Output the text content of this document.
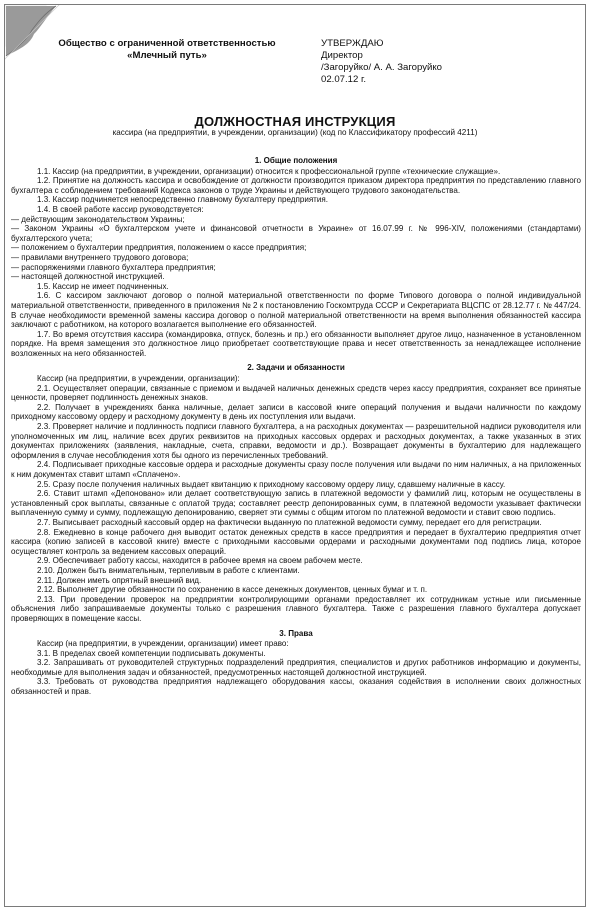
Общество с ограниченной ответственностью
«Млечный путь»
УТВЕРЖДАЮ
Директор
/Загоруйко/ А. А. Загоруйко
02.07.12 г.
ДОЛЖНОСТНАЯ ИНСТРУКЦИЯ
кассира (на предприятии, в учреждении, организации) (код по Классификатору профессий 4211)
1. Общие положения
1.1. Кассир (на предприятии, в учреждении, организации) относится к профессиональной группе «технические служащие».
1.2. Принятие на должность кассира и освобождение от должности производится приказом директора предприятия по представлению главного бухгалтера с соблюдением требований Кодекса законов о труде Украины и действующего трудового законодательства.
1.3. Кассир подчиняется непосредственно главному бухгалтеру предприятия.
1.4. В своей работе кассир руководствуется:
— действующим законодательством Украины;
— Законом Украины «О бухгалтерском учете и финансовой отчетности в Украине» от 16.07.99 г. № 996-XIV, положениями (стандартами) бухгалтерского учета;
— положением о бухгалтерии предприятия, положением о кассе предприятия;
— правилами внутреннего трудового договора;
— распоряжениями главного бухгалтера предприятия;
— настоящей должностной инструкцией.
1.5. Кассир не имеет подчиненных.
1.6. С кассиром заключают договор о полной материальной ответственности по форме Типового договора о полной индивидуальной материальной ответственности, приведенного в приложения № 2 к постановлению Госкомтруда СССР и Секретариата ВЦСПС от 28.12.77 г. № 447/24. В случае необходимости временной замены кассира договор о полной материальной ответственности на время выполнения обязанностей кассира заключают с работником, на которого возлагается выполнение его обязанностей.
1.7. Во время отсутствия кассира (командировка, отпуск, болезнь и пр.) его обязанности выполняет другое лицо, назначенное в установленном порядке. На время замещения это должностное лицо приобретает соответствующие права и несет ответственность за ненадлежащее исполнение возложенных на него обязанностей.
2. Задачи и обязанности
Кассир (на предприятии, в учреждении, организации):
2.1. Осуществляет операции, связанные с приемом и выдачей наличных денежных средств через кассу предприятия, сохраняет все принятые ценности, проверяет подлинность денежных знаков.
2.2. Получает в учреждениях банка наличные, делает записи в кассовой книге операций получения и выдачи наличности по каждому приходному кассовому ордеру и расходному документу в день их поступления или выдачи.
2.3. Проверяет наличие и подлинность подписи главного бухгалтера, а на расходных документах — разрешительной надписи руководителя или уполномоченных им лиц, наличие всех других реквизитов на приходных кассовых ордерах и расходных документах, а также указанных в этих документах приложениях (заявления, накладные, счета, справки, ведомости и др.). Возвращает документы в бухгалтерию для надлежащего оформления в случае несоблюдения хотя бы одного из перечисленных требований.
2.4. Подписывает приходные кассовые ордера и расходные документы сразу после получения или выдачи по ним наличных, а на приложенных к ним документах ставит штамп «Сплачено».
2.5. Сразу после получения наличных выдает квитанцию к приходному кассовому ордеру лицу, сдавшему наличные в кассу.
2.6. Ставит штамп «Депоновано» или делает соответствующую запись в платежной ведомости у фамилий лиц, которым не осуществлены в установленный срок выплаты, связанные с оплатой труда; составляет реестр депонированных сумм, в платежной ведомости указывает фактически выплаченную сумму и сумму, подлежащую депонированию, сверяет эти суммы с общим итогом по платежной ведомости и ставит свою подпись.
2.7. Выписывает расходный кассовый ордер на фактически выданную по платежной ведомости сумму, передает его для регистрации.
2.8. Ежедневно в конце рабочего дня выводит остаток денежных средств в кассе предприятия и передает в бухгалтерию предприятия отчет кассира (копию записей в кассовой книге) вместе с приходными кассовыми ордерами и расходными документами под подпись лица, которое осуществляет контроль за ведением кассовых операций.
2.9. Обеспечивает работу кассы, находится в рабочее время на своем рабочем месте.
2.10. Должен быть внимательным, терпеливым в работе с клиентами.
2.11. Должен иметь опрятный внешний вид.
2.12. Выполняет другие обязанности по сохранению в кассе денежных документов, ценных бумаг и т. п.
2.13. При проведении проверок на предприятии контролирующими органами предоставляет их сотрудникам устные или письменные объяснения либо запрашиваемые документы только с разрешения главного бухгалтера. Также с разрешения главного бухгалтера допускает проверяющих в помещение кассы.
3. Права
Кассир (на предприятии, в учреждении, организации) имеет право:
3.1. В пределах своей компетенции подписывать документы.
3.2. Запрашивать от руководителей структурных подразделений предприятия, специалистов и других работников информацию и документы, необходимые для выполнения задач и обязанностей, предусмотренных настоящей должностной инструкцией.
3.3. Требовать от руководства предприятия надлежащего оборудования кассы, оказания содействия в исполнении своих должностных обязанностей и прав.
